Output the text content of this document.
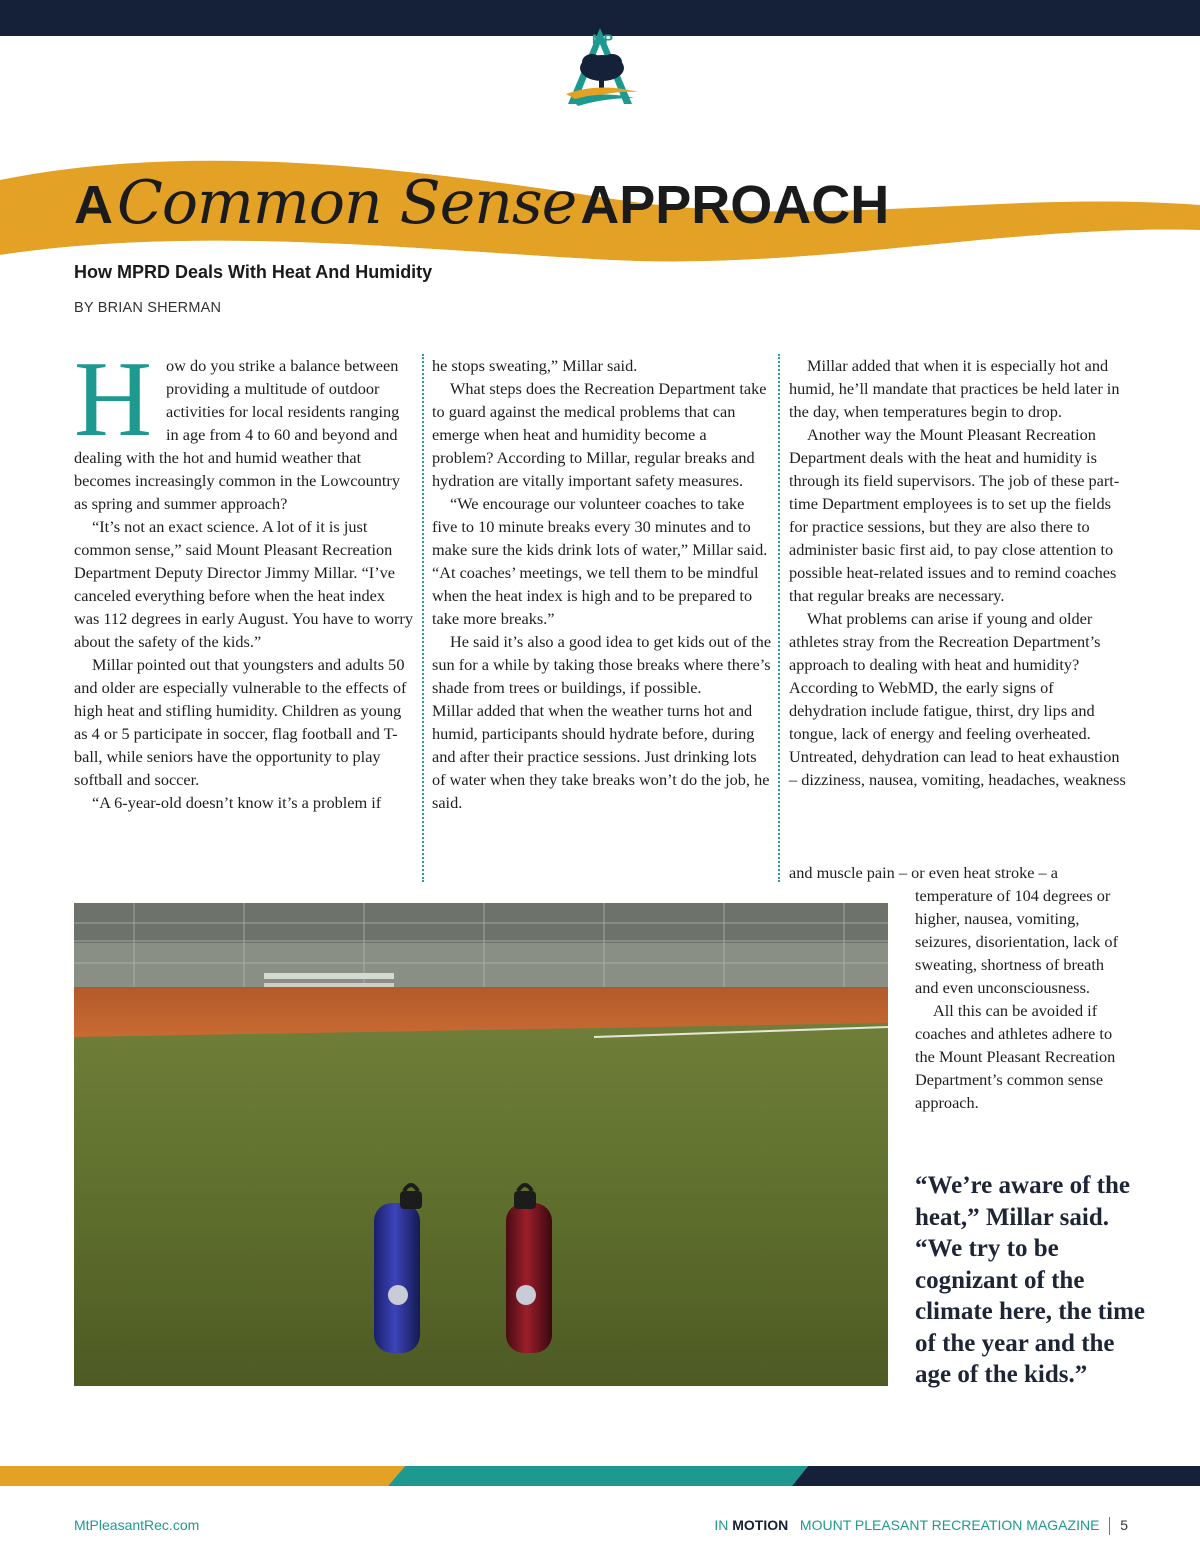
MP
A Common Sense APPROACH
How MPRD Deals With Heat And Humidity
BY BRIAN SHERMAN
H ow do you strike a balance between providing a multitude of outdoor activities for local residents ranging in age from 4 to 60 and beyond and dealing with the hot and humid weather that becomes increasingly common in the Lowcountry as spring and summer approach?

“It’s not an exact science. A lot of it is just common sense,” said Mount Pleasant Recreation Department Deputy Director Jimmy Millar. “I’ve canceled everything before when the heat index was 112 degrees in early August. You have to worry about the safety of the kids.”

Millar pointed out that youngsters and adults 50 and older are especially vulnerable to the effects of high heat and stifling humidity. Children as young as 4 or 5 participate in soccer, flag football and T-ball, while seniors have the opportunity to play softball and soccer.

“A 6-year-old doesn’t know it’s a problem if

he stops sweating,” Millar said.

What steps does the Recreation Department take to guard against the medical problems that can emerge when heat and humidity become a problem? According to Millar, regular breaks and hydration are vitally important safety measures.

“We encourage our volunteer coaches to take five to 10 minute breaks every 30 minutes and to make sure the kids drink lots of water,” Millar said. “At coaches’ meetings, we tell them to be mindful when the heat index is high and to be prepared to take more breaks.”

He said it’s also a good idea to get kids out of the sun for a while by taking those breaks where there’s shade from trees or buildings, if possible.

Millar added that when the weather turns hot and humid, participants should hydrate before, during and after their practice sessions. Just drinking lots of water when they take breaks won’t do the job, he said.

Millar added that when it is especially hot and humid, he’ll mandate that practices be held later in the day, when temperatures begin to drop.

Another way the Mount Pleasant Recreation Department deals with the heat and humidity is through its field supervisors. The job of these part-time Department employees is to set up the fields for practice sessions, but they are also there to administer basic first aid, to pay close attention to possible heat-related issues and to remind coaches that regular breaks are necessary.

What problems can arise if young and older athletes stray from the Recreation Department’s approach to dealing with heat and humidity? According to WebMD, the early signs of dehydration include fatigue, thirst, dry lips and tongue, lack of energy and feeling overheated. Untreated, dehydration can lead to heat exhaustion – dizziness, nausea, vomiting, headaches, weakness

and muscle pain – or even heat stroke – a

temperature of 104 degrees or higher, nausea, vomiting, seizures, disorientation, lack of sweating, shortness of breath and even unconsciousness.

All this can be avoided if coaches and athletes adhere to the Mount Pleasant Recreation Department’s common sense approach.

“We’re aware of the heat,” Millar said. “We try to be cognizant of the climate here, the time of the year and the age of the kids.”
MtPleasantRec.com	IN MOTION MOUNT PLEASANT RECREATION MAGAZINE 5
